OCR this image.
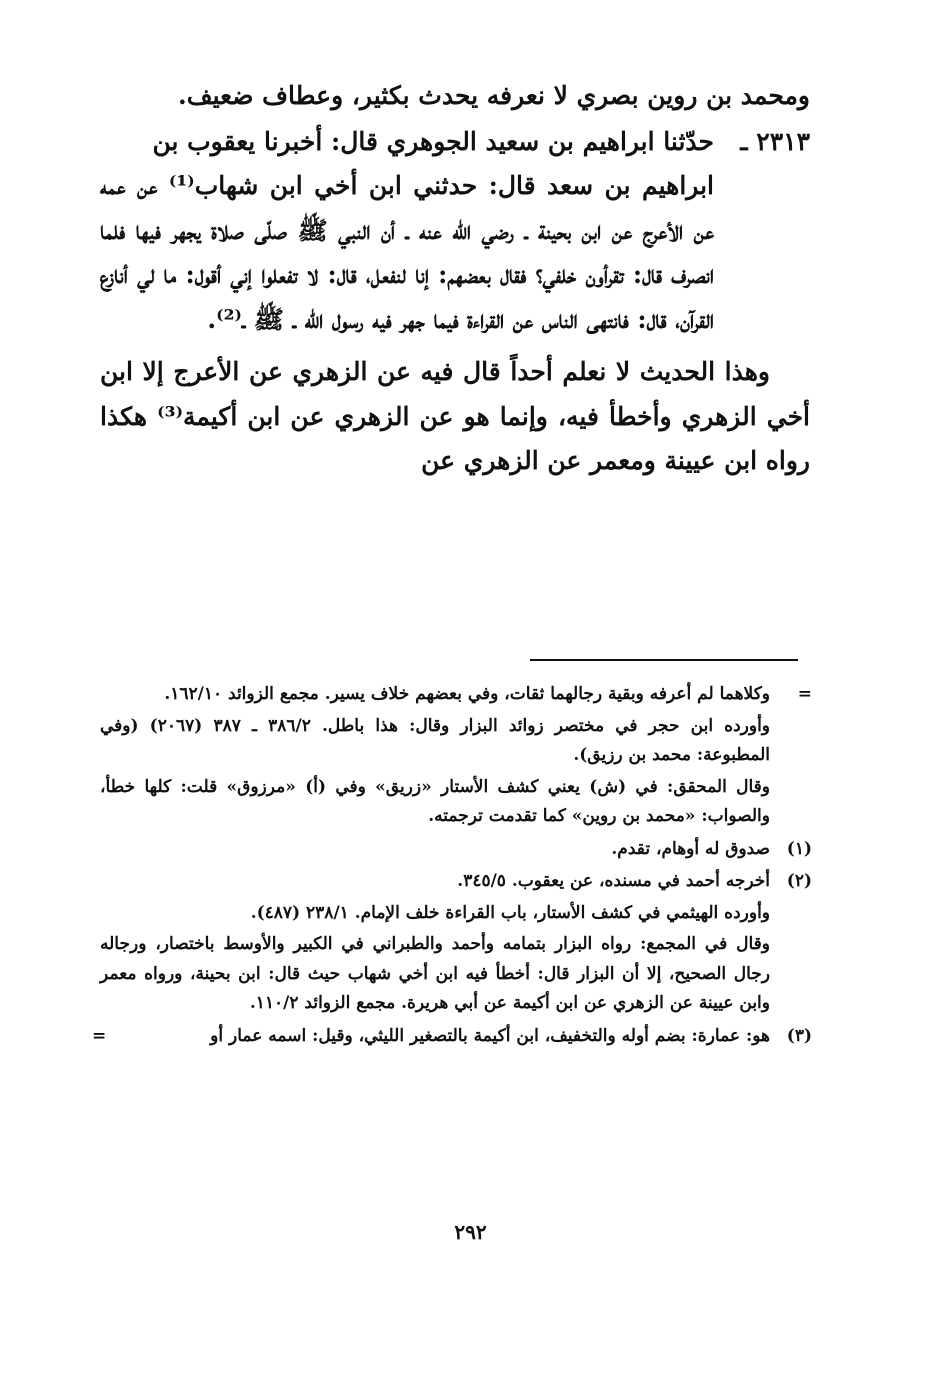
ومحمد بن روين بصري لا نعرفه يحدث بكثير، وعطاف ضعيف.

٢٣١٣ ـ

حدّثنا ابراهيم بن سعيد الجوهري قال: أخبرنا يعقوب بن

ابراهيم بن سعد قال: حدثني ابن أخي ابن شهاب⁽¹⁾ عن عمه عن الأعرج عن ابن بحينة ـ رضي الله عنه ـ أن النبي ﷺ صلّى صلاة يجهر فيها فلما انصرف قال: تقرأون خلفي؟ فقال بعضهم: إنا لنفعل، قال: لا تفعلوا إني أقول: ما لي أنازع القرآن، قال: فانتهى الناس عن القراءة فيما جهر فيه رسول الله ـ ﷺ ـ⁽²⁾.

وهذا الحديث لا نعلم أحداً قال فيه عن الزهري عن الأعرج إلا ابن أخي الزهري وأخطأ فيه، وإنما هو عن الزهري عن ابن أكيمة⁽³⁾ هكذا رواه ابن عيينة ومعمر عن الزهري عن

=

وكلاهما لم أعرفه وبقية رجالهما ثقات، وفي بعضهم خلاف يسير. مجمع الزوائد ١٦٢/١٠.

وأورده ابن حجر في مختصر زوائد البزار وقال: هذا باطل. ٣٨٦/٢ ـ ٣٨٧ (٢٠٦٧) (وفي المطبوعة: محمد بن رزيق).

وقال المحقق: في (ش) يعني كشف الأستار «زريق» وفي (أ) «مرزوق» قلت: كلها خطأ، والصواب: «محمد بن روين» كما تقدمت ترجمته.

(١)

صدوق له أوهام، تقدم.

(٢)

أخرجه أحمد في مسنده، عن يعقوب. ٣٤٥/٥.

وأورده الهيثمي في كشف الأستار، باب القراءة خلف الإمام. ٢٣٨/١ (٤٨٧).

وقال في المجمع: رواه البزار بتمامه وأحمد والطبراني في الكبير والأوسط باختصار، ورجاله رجال الصحيح، إلا أن البزار قال: أخطأ فيه ابن أخي شهاب حيث قال: ابن بحينة، ورواه معمر وابن عيينة عن الزهري عن ابن أكيمة عن أبي هريرة. مجمع الزوائد ١١٠/٢.

(٣)

هو: عمارة: بضم أوله والتخفيف، ابن أكيمة بالتصغير الليثي، وقيل: اسمه عمار أو

=
٢٩٢
